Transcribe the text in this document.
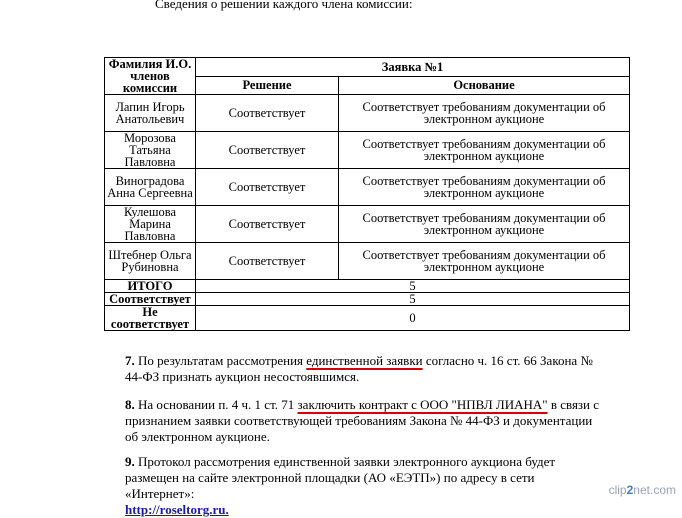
Сведения о решении каждого члена комиссии:
Фамилия И.О. членов комиссии	Заявка №1	
	Решение	Основание
Лапин Игорь Анатольевич	Соответствует	Соответствует требованиям документации об электронном аукционе
Морозова Татьяна Павловна	Соответствует	Соответствует требованиям документации об электронном аукционе
Виноградова Анна Сергеевна	Соответствует	Соответствует требованиям документации об электронном аукционе
Кулешова Марина Павловна	Соответствует	Соответствует требованиям документации об электронном аукционе
Штебнер Ольга Рубиновна	Соответствует	Соответствует требованиям документации об электронном аукционе
ИТОГО	5	
Соответствует	5	
Не соответствует	0	
7. По результатам рассмотрения единственной заявки согласно ч. 16 ст. 66 Закона № 44-ФЗ признать аукцион несостоявшимся.
8. На основании п. 4 ч. 1 ст. 71 заключить контракт с ООО "НПВЛ ЛИАНА" в связи с признанием заявки соответствующей требованиям Закона № 44-ФЗ и документации об электронном аукционе.
9. Протокол рассмотрения единственной заявки электронного аукциона будет размещен на сайте электронной площадки (АО «ЕЭТП») по адресу в сети «Интернет»:
http://roseltorg.ru.
clip2net.com
